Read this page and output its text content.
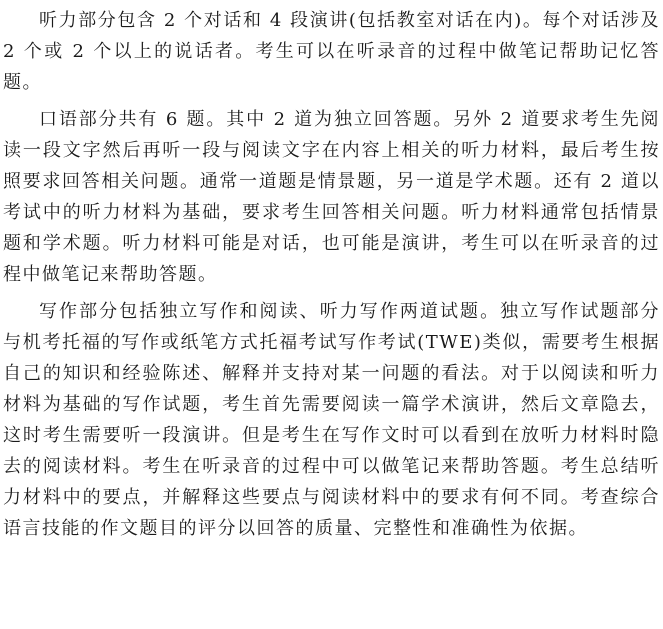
听力部分包含 2 个对话和 4 段演讲(包括教室对话在内)。每个对话涉及 2 个或 2 个以上的说话者。考生可以在听录音的过程中做笔记帮助记忆答题。

口语部分共有 6 题。其中 2 道为独立回答题。另外 2 道要求考生先阅读一段文字然后再听一段与阅读文字在内容上相关的听力材料，最后考生按照要求回答相关问题。通常一道题是情景题，另一道是学术题。还有 2 道以考试中的听力材料为基础，要求考生回答相关问题。听力材料通常包括情景题和学术题。听力材料可能是对话，也可能是演讲，考生可以在听录音的过程中做笔记来帮助答题。

写作部分包括独立写作和阅读、听力写作两道试题。独立写作试题部分与机考托福的写作或纸笔方式托福考试写作考试(TWE)类似，需要考生根据自己的知识和经验陈述、解释并支持对某一问题的看法。对于以阅读和听力材料为基础的写作试题，考生首先需要阅读一篇学术演讲，然后文章隐去，这时考生需要听一段演讲。但是考生在写作文时可以看到在放听力材料时隐去的阅读材料。考生在听录音的过程中可以做笔记来帮助答题。考生总结听力材料中的要点，并解释这些要点与阅读材料中的要求有何不同。考查综合语言技能的作文题目的评分以回答的质量、完整性和准确性为依据。
